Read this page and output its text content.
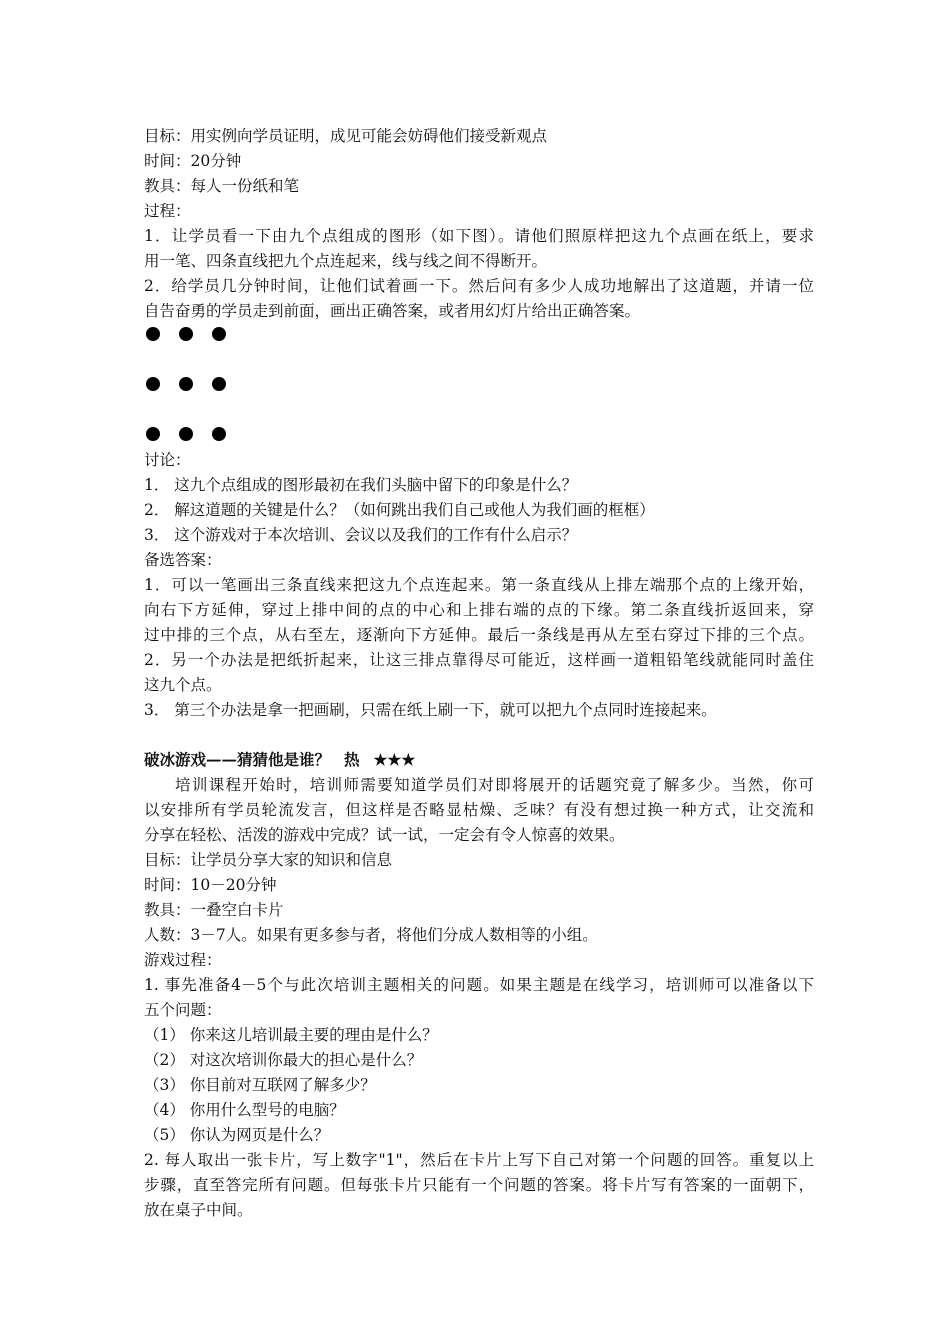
目标：用实例向学员证明，成见可能会妨碍他们接受新观点
时间：20分钟
教具：每人一份纸和笔
过程：
1．让学员看一下由九个点组成的图形（如下图）。请他们照原样把这九个点画在纸上，要求
用一笔、四条直线把九个点连起来，线与线之间不得断开。
2．给学员几分钟时间，让他们试着画一下。然后问有多少人成功地解出了这道题，并请一位
自告奋勇的学员走到前面，画出正确答案，或者用幻灯片给出正确答案。
讨论：
1． 这九个点组成的图形最初在我们头脑中留下的印象是什么？
2． 解这道题的关键是什么？（如何跳出我们自己或他人为我们画的框框）
3． 这个游戏对于本次培训、会议以及我们的工作有什么启示？
备选答案：
1．可以一笔画出三条直线来把这九个点连起来。第一条直线从上排左端那个点的上缘开始，
向右下方延伸，穿过上排中间的点的中心和上排右端的点的下缘。第二条直线折返回来，穿
过中排的三个点，从右至左，逐渐向下方延伸。最后一条线是再从左至右穿过下排的三个点。
2．另一个办法是把纸折起来，让这三排点靠得尽可能近，这样画一道粗铅笔线就能同时盖住
这九个点。
3． 第三个办法是拿一把画刷，只需在纸上刷一下，就可以把九个点同时连接起来。
破冰游戏——猜猜他是谁？ 热 ★★★
培训课程开始时，培训师需要知道学员们对即将展开的话题究竟了解多少。当然，你可
以安排所有学员轮流发言，但这样是否略显枯燥、乏味？有没有想过换一种方式，让交流和
分享在轻松、活泼的游戏中完成？试一试，一定会有令人惊喜的效果。
目标：让学员分享大家的知识和信息
时间：10－20分钟
教具：一叠空白卡片
人数：3－7人。如果有更多参与者，将他们分成人数相等的小组。
游戏过程：
1. 事先准备4－5个与此次培训主题相关的问题。如果主题是在线学习，培训师可以准备以下
五个问题：
（1） 你来这儿培训最主要的理由是什么？
（2） 对这次培训你最大的担心是什么？
（3） 你目前对互联网了解多少？
（4） 你用什么型号的电脑？
（5） 你认为网页是什么？
2. 每人取出一张卡片，写上数字"1"，然后在卡片上写下自己对第一个问题的回答。重复以上
步骤，直至答完所有问题。但每张卡片只能有一个问题的答案。将卡片写有答案的一面朝下，
放在桌子中间。
